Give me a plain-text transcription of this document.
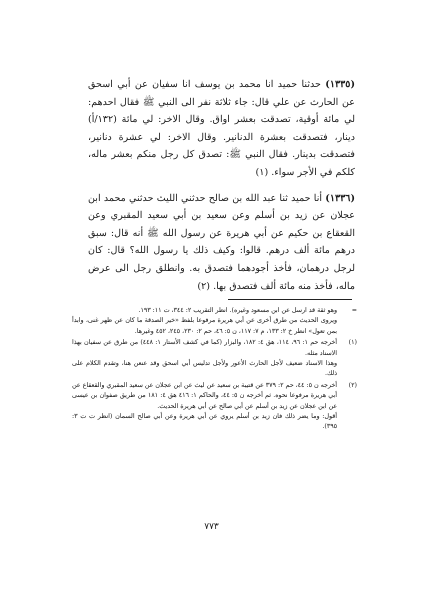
(١٣٣٥) حدثنا حميد انا محمد بن يوسف انا سفيان عن أبي اسحق عن الحارث عن علي قال: جاء ثلاثة نفر الى النبي ﷺ فقال احدهم: لي مائة أوقية، تصدقت بعشر اواق. وقال الاخر: لي مائة (١٣٢/أ) دينار، فتصدقت بعشرة الدنانير. وقال الاخر: لي عشرة دنانير، فتصدقت بدينار. فقال النبي ﷺ: تصدق كل رجل منكم بعشر ماله، كلكم في الأجر سواء. (١)

(١٣٣٦) أنا حميد ثنا عبد الله بن صالح حدثني الليث حدثني محمد ابن عجلان عن زيد بن أسلم وعن سعيد بن أبي سعيد المقبري وعن القعقاع بن حكيم عن أبي هريرة عن رسول الله ﷺ أنه قال: سبق درهم مائة ألف درهم. قالوا: وكيف ذلك يا رسول الله؟ قال: كان لرجل درهمان، فأخذ أجودهما فتصدق به. وانطلق رجل الى عرض ماله، فأخذ منه مائة ألف فتصدق بها. (٢)

=
وهو ثقة قد ارسل عن ابن مسعود وغيره). انظر التقريب ٢: ٣٤٤، ت ١١: ١٩٣.
ويروى الحديث من طرق أخرى عن أبي هريرة مرفوعا بلفظ «خير الصدقة ما كان عن ظهر غنى، وابدأ بمن تعول» انظر خ ٢: ١٣٣، م ٧: ١١٧، ن ٥: ٤٦، حم ٢: ٢٣٠، ٢٤٥، ٤٥٢ وغيرها.
(١)
أخرجه حم ١: ٩٦، ١١٤، هق ٤: ١٨٢، والبزار (كما في كشف الأستار ١: ٤٤٨) من طرق عن سفيان بهذا الاسناد مثله.
وهذا الاسناد ضعيف لأجل الحارث الأعور ولأجل تدليس أبي اسحق وقد عنعن هنا، وتقدم الكلام على ذلك.
(٢)
أخرجه ن ٥: ٤٤، حم ٢: ٣٧٩ عن قتيبة بن سعيد عن ليث عن ابن عجلان عن سعيد المقبري والقعقاع عن أبي هريرة مرفوعا نحوه. ثم أخرجه ن ٥: ٤٤، والحاكم ١: ٤١٦ هق ٤: ١٨١ من طريق صفوان بن عيسى عن ابن عجلان عن زيد بن أسلم عن أبي صالح عن أبي هريرة الحديث.
أقول: وما يضر ذلك فان زيد بن أسلم يروي عن أبي هريرة وعن أبي صالح السمان (انظر ت ت ٣: ٣٩٥).
٧٧٣
